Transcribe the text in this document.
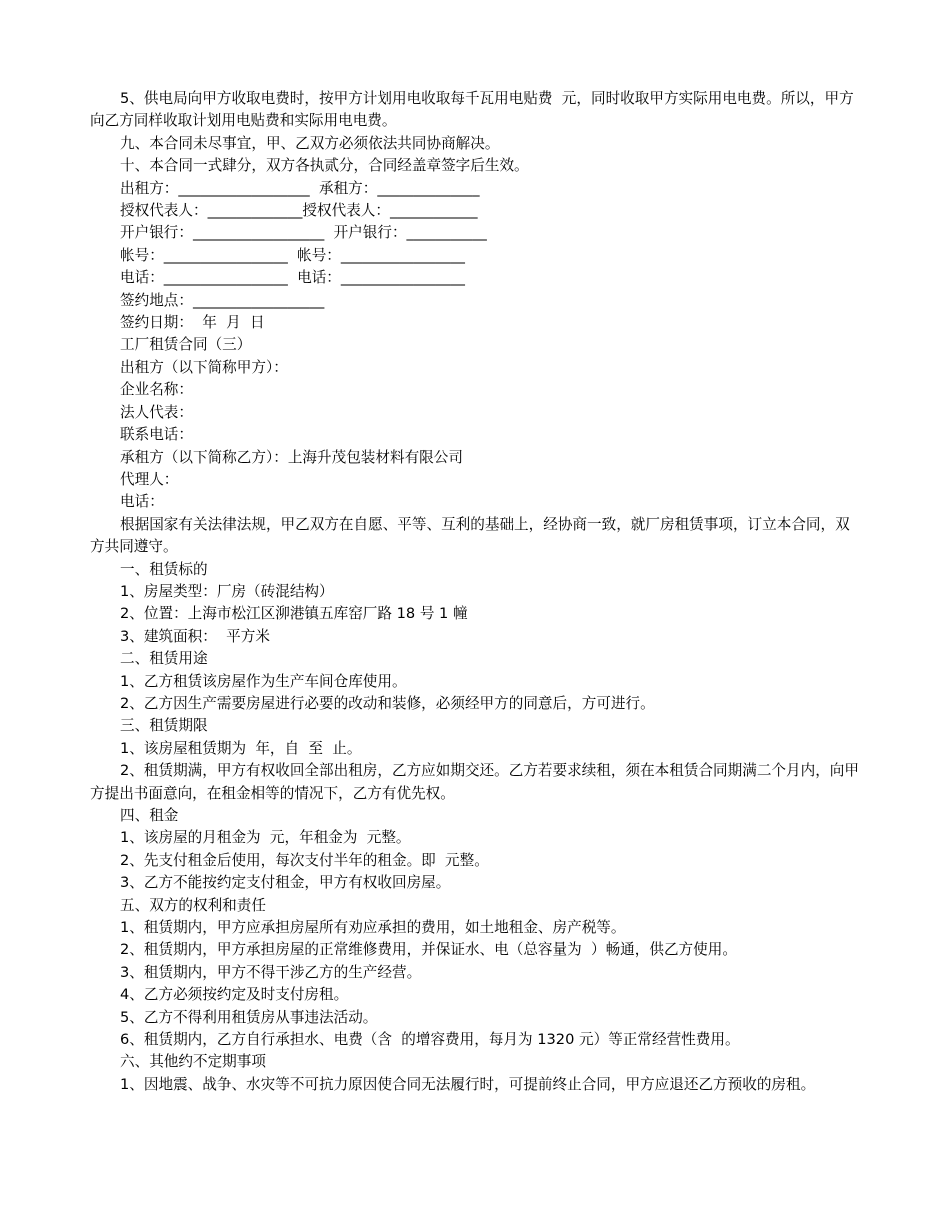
5、供电局向甲方收取电费时，按甲方计划用电收取每千瓦用电贴费  元，同时收取甲方实际用电电费。所以，甲方向乙方同样收取计划用电贴费和实际用电电费。

九、本合同未尽事宜，甲、乙双方必须依法共同协商解决。

十、本合同一式肆分，双方各执贰分，合同经盖章签字后生效。

出租方：__________________  承租方：______________

授权代表人：_____________授权代表人：____________

开户银行：__________________  开户银行：___________

帐号：_________________  帐号：_________________

电话：_________________  电话：_________________

签约地点：__________________

签约日期：  年  月  日

工厂租赁合同（三）

出租方（以下简称甲方）：

企业名称：

法人代表：

联系电话：

承租方（以下简称乙方）：上海升茂包装材料有限公司

代理人：

电话：

根据国家有关法律法规，甲乙双方在自愿、平等、互利的基础上，经协商一致，就厂房租赁事项，订立本合同，双方共同遵守。

一、租赁标的

1、房屋类型：厂房（砖混结构）

2、位置：上海市松江区泖港镇五库窑厂路 18 号 1 幢

3、建筑面积：  平方米

二、租赁用途

1、乙方租赁该房屋作为生产车间仓库使用。

2、乙方因生产需要房屋进行必要的改动和装修，必须经甲方的同意后，方可进行。

三、租赁期限

1、该房屋租赁期为  年，自  至  止。

2、租赁期满，甲方有权收回全部出租房，乙方应如期交还。乙方若要求续租，须在本租赁合同期满二个月内，向甲方提出书面意向，在租金相等的情况下，乙方有优先权。

四、租金

1、该房屋的月租金为  元，年租金为  元整。

2、先支付租金后使用，每次支付半年的租金。即  元整。

3、乙方不能按约定支付租金，甲方有权收回房屋。

五、双方的权利和责任

1、租赁期内，甲方应承担房屋所有劝应承担的费用，如土地租金、房产税等。

2、租赁期内，甲方承担房屋的正常维修费用，并保证水、电（总容量为  ）畅通，供乙方使用。

3、租赁期内，甲方不得干涉乙方的生产经营。

4、乙方必须按约定及时支付房租。

5、乙方不得利用租赁房从事违法活动。

6、租赁期内，乙方自行承担水、电费（含  的增容费用，每月为 1320 元）等正常经营性费用。

六、其他约不定期事项

1、因地震、战争、水灾等不可抗力原因使合同无法履行时，可提前终止合同，甲方应退还乙方预收的房租。
